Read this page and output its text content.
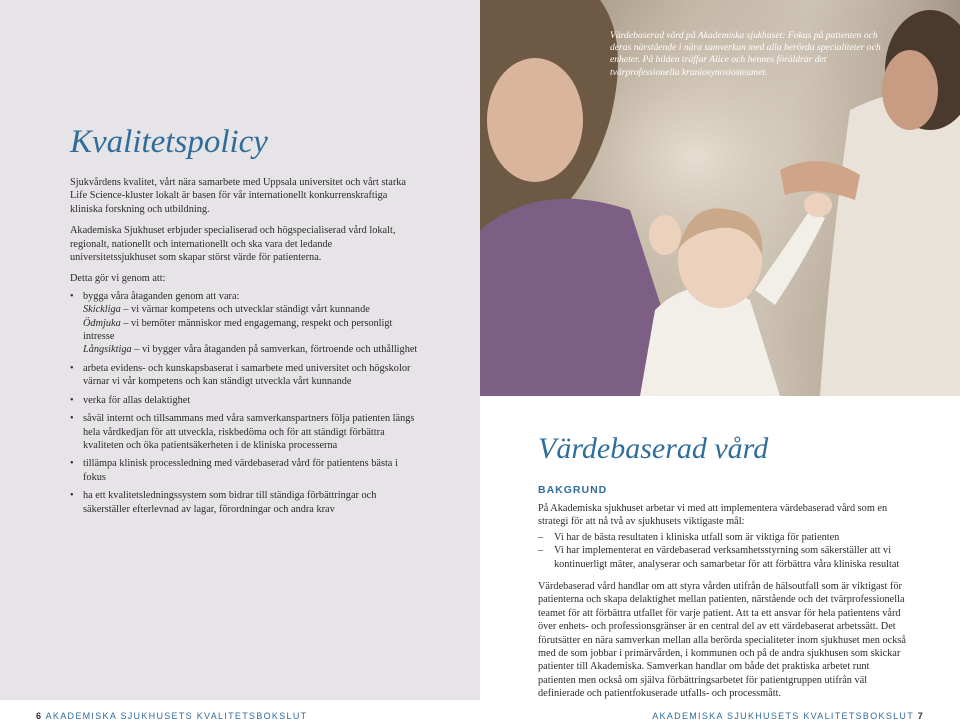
Kvalitetspolicy

Sjukvårdens kvalitet, vårt nära samarbete med Uppsala universitet och vårt starka Life Science-kluster lokalt är basen för vår internationellt konkurrenskraftiga kliniska forskning och utbildning.

Akademiska Sjukhuset erbjuder specialiserad och högspecialiserad vård lokalt, regionalt, nationellt och internationellt och ska vara det ledande universitetssjukhuset som skapar störst värde för patienterna.

Detta gör vi genom att:

• bygga våra åtaganden genom att vara:
Skickliga – vi värnar kompetens och utvecklar ständigt vårt kunnande
Ödmjuka – vi bemöter människor med engagemang, respekt och personligt intresse
Långsiktiga – vi bygger våra åtaganden på samverkan, förtroende och uthållighet
• arbeta evidens- och kunskapsbaserat i samarbete med universitet och högskolor värnar vi vår kompetens och kan ständigt utveckla vårt kunnande
• verka för allas delaktighet
• såväl internt och tillsammans med våra samverkanspartners följa patienten längs hela vårdkedjan för att utveckla, riskbedöma och för att ständigt förbättra kvaliteten och öka patientsäkerheten i de kliniska processerna
• tillämpa klinisk processledning med värdebaserad vård för patientens bästa i fokus
• ha ett kvalitetsledningssystem som bidrar till ständiga förbättringar och säkerställer efterlevnad av lagar, förordningar och andra krav
Värdebaserad vård på Akademiska sjukhuset: Fokus på patienten och deras närstående i nära samverkan med alla berörda specialiteter och enheter. På bilden träffar Alice och hennes föräldrar det tvärprofessionella kraniosynostosteamet.
Värdebaserad vård
BAKGRUND

På Akademiska sjukhuset arbetar vi med att implementera värdebaserad vård som en strategi för att nå två av sjukhusets viktigaste mål:

– Vi har de bästa resultaten i kliniska utfall som är viktiga för patienten
– Vi har implementerat en värdebaserad verksamhetsstyrning som säkerställer att vi kontinuerligt mäter, analyserar och samarbetar för att förbättra våra kliniska resultat

Värdebaserad vård handlar om att styra vården utifrån de hälsoutfall som är viktigast för patienterna och skapa delaktighet mellan patienten, närstående och det tvärprofessionella teamet för att förbättra utfallet för varje patient. Att ta ett ansvar för hela patientens vård över enhets- och professionsgränser är en central del av ett värdebaserat arbetssätt. Det förutsätter en nära samverkan mellan alla berörda specialiteter inom sjukhuset men också med de som jobbar i primärvården, i kommunen och på de andra sjukhusen som skickar patienter till Akademiska. Samverkan handlar om både det praktiska arbetet runt patienten men också om själva förbättringsarbetet för patientgruppen utifrån väl definierade och patientfokuserade utfalls- och processmått.

6 AKADEMISKA SJUKHUSETS KVALITETSBOKSLUT	AKADEMISKA SJUKHUSETS KVALITETSBOKSLUT 7
